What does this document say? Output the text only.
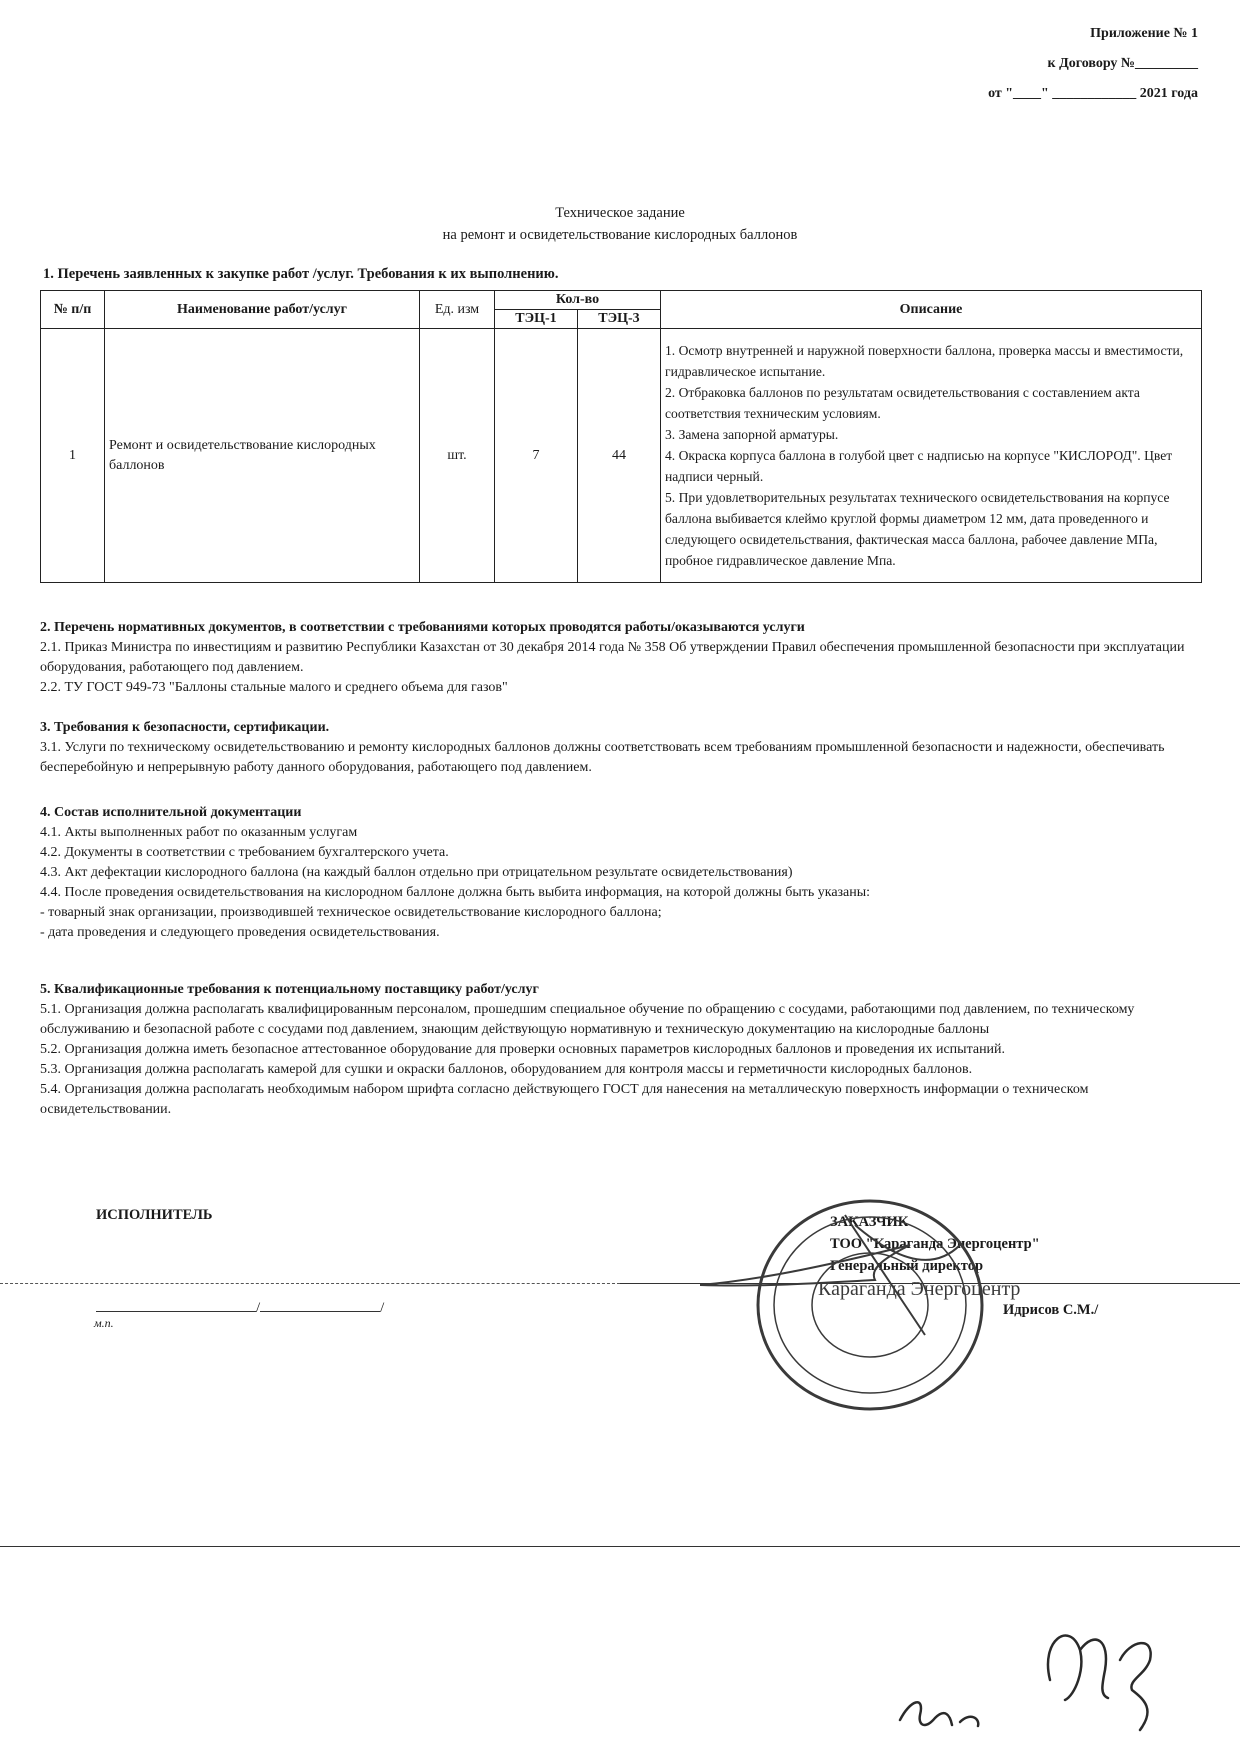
Приложение № 1
к Договору №_________
от "____" ____________ 2021 года
Техническое задание
на ремонт и освидетельствование кислородных баллонов
1. Перечень заявленных к закупке работ /услуг. Требования к их выполнению.
№ п/п	Наименование работ/услуг	Ед. изм	Кол-во		Описание
			ТЭЦ-1	ТЭЦ-3	
1	Ремонт и освидетельствование кислородных баллонов	шт.	7	44	1. Осмотр внутренней и наружной поверхности баллона, проверка массы и вместимости, гидравлическое испытание.
2. Отбраковка баллонов по результатам освидетельствования с составлением акта соответствия техническим условиям.
3. Замена запорной арматуры.
4. Окраска корпуса баллона в голубой цвет с надписью на корпусе "КИСЛОРОД". Цвет надписи черный.
5. При удовлетворительных результатах технического освидетельствования на корпусе баллона выбивается клеймо круглой формы диаметром 12 мм, дата проведенного и следующего освидетельствания, фактическая масса баллона, рабочее давление МПа, пробное гидравлическое давление Мпа.

2. Перечень нормативных документов, в соответствии с требованиями которых проводятся работы/оказываются услуги

2.1. Приказ Министра по инвестициям и развитию Республики Казахстан от 30 декабря 2014 года № 358 Об утверждении Правил обеспечения промышленной безопасности при эксплуатации оборудования, работающего под давлением.

2.2. ТУ ГОСТ 949-73 "Баллоны стальные малого и среднего объема для газов"

3. Требования к безопасности, сертификации.

3.1. Услуги по техническому освидетельствованию и ремонту кислородных баллонов должны соответствовать всем требованиям промышленной безопасности и надежности, обеспечивать бесперебойную и непрерывную работу данного оборудования, работающего под давлением.

4. Состав исполнительной документации

4.1. Акты выполненных работ по оказанным услугам

4.2. Документы в соответствии с требованием бухгалтерского учета.

4.3. Акт дефектации кислородного баллона (на каждый баллон отдельно при отрицательном результате освидетельствования)

4.4. После проведения освидетельствования на кислородном баллоне должна быть выбита информация, на которой должны быть указаны:

- товарный знак организации, производившей техническое освидетельствование кислородного баллона;

- дата проведения и следующего проведения освидетельствования.

5. Квалификационные требования к потенциальному поставщику работ/услуг

5.1. Организация должна располагать квалифицированным персоналом, прошедшим специальное обучение по обращению с сосудами, работающими под давлением, по техническому обслуживанию и безопасной работе с сосудами под давлением, знающим действующую нормативную и техническую документацию на кислородные баллоны

5.2. Организация должна иметь безопасное аттестованное оборудование для проверки основных параметров кислородных баллонов и проведения их испытаний.

5.3. Организация должна располагать камерой для сушки и окраски баллонов, оборудованием для контроля массы и герметичности кислородных баллонов.

5.4. Организация должна располагать необходимым набором шрифта согласно действующего ГОСТ для нанесения на металлическую поверхность информации о техническом освидетельствовании.

ИСПОЛНИТЕЛЬ
/	/
м.п.
ЗАКАЗЧИК
ТОО "Караганда Энергоцентр"
Генеральный директор
Идрисов С.М./
Караганда Энергоцентр
